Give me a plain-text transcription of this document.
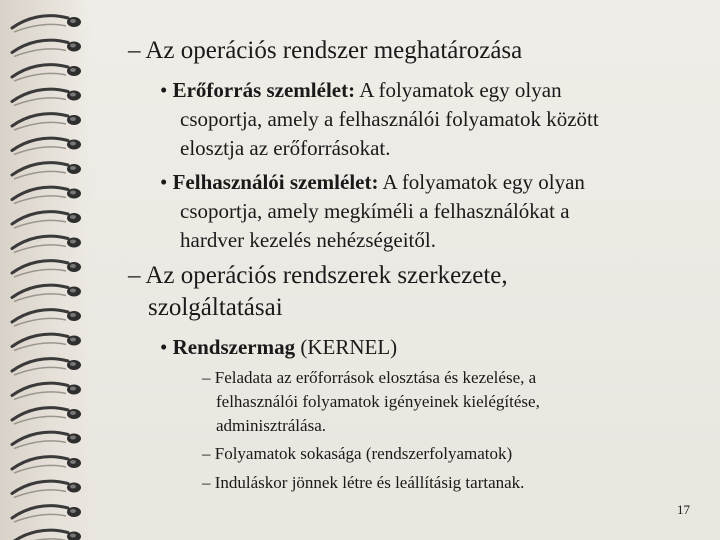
– Az operációs rendszer meghatározása
• Erőforrás szemlélet: A folyamatok egy olyan
csoportja, amely a felhasználói folyamatok között
elosztja az erőforrásokat.
• Felhasználói szemlélet: A folyamatok egy olyan
csoportja, amely megkíméli a felhasználókat a
hardver kezelés nehézségeitől.
– Az operációs rendszerek szerkezete,
szolgáltatásai
• Rendszermag (KERNEL)
– Feladata az erőforrások elosztása és kezelése, a
felhasználói folyamatok igényeinek kielégítése,
adminisztrálása.
– Folyamatok sokasága (rendszerfolyamatok)
– Induláskor jönnek létre és leállításig tartanak.
17
